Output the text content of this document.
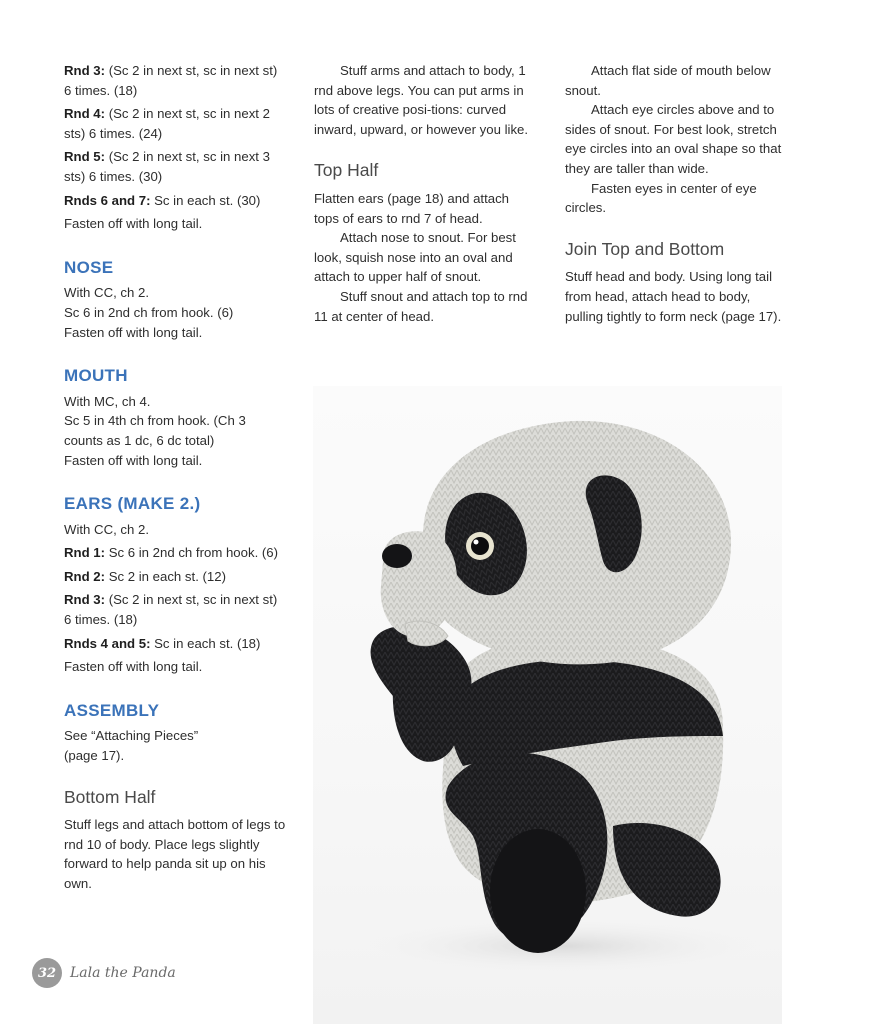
Rnd 3: (Sc 2 in next st, sc in next st) 6 times. (18)

Rnd 4: (Sc 2 in next st, sc in next 2 sts) 6 times. (24)

Rnd 5: (Sc 2 in next st, sc in next 3 sts) 6 times. (30)

Rnds 6 and 7: Sc in each st. (30)

Fasten off with long tail.

NOSE

With CC, ch 2.

Sc 6 in 2nd ch from hook. (6)

Fasten off with long tail.

MOUTH

With MC, ch 4.

Sc 5 in 4th ch from hook. (Ch 3 counts as 1 dc, 6 dc total)

Fasten off with long tail.

EARS (MAKE 2.)

With CC, ch 2.

Rnd 1: Sc 6 in 2nd ch from hook. (6)

Rnd 2: Sc 2 in each st. (12)

Rnd 3: (Sc 2 in next st, sc in next st) 6 times. (18)

Rnds 4 and 5: Sc in each st. (18)

Fasten off with long tail.

ASSEMBLY

See “Attaching Pieces” (page 17).

Bottom Half

Stuff legs and attach bottom of legs to rnd 10 of body. Place legs slightly forward to help panda sit up on his own.

Stuff arms and attach to body, 1 rnd above legs. You can put arms in lots of creative posi-tions: curved inward, upward, or however you like.

Top Half

Flatten ears (page 18) and attach tops of ears to rnd 7 of head.

Attach nose to snout. For best look, squish nose into an oval and attach to upper half of snout.

Stuff snout and attach top to rnd 11 at center of head.

Attach flat side of mouth below snout.

Attach eye circles above and to sides of snout. For best look, stretch eye circles into an oval shape so that they are taller than wide.

Fasten eyes in center of eye circles.

Join Top and Bottom

Stuff head and body. Using long tail from head, attach head to body, pulling tightly to form neck (page 17).

32 Lala the Panda
